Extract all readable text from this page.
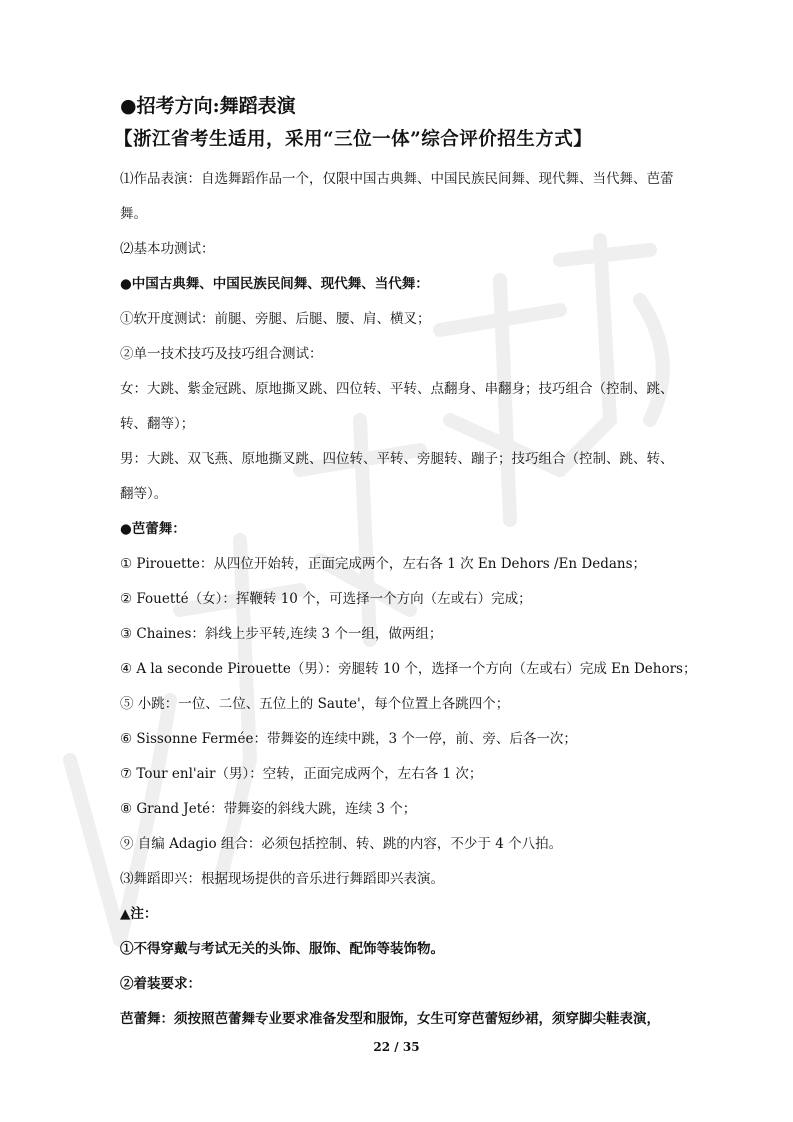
●招考方向:舞蹈表演

【浙江省考生适用，采用“三位一体”综合评价招生方式】

⑴作品表演：自选舞蹈作品一个，仅限中国古典舞、中国民族民间舞、现代舞、当代舞、芭蕾舞。

⑵基本功测试：

●中国古典舞、中国民族民间舞、现代舞、当代舞：

①软开度测试：前腿、旁腿、后腿、腰、肩、横叉；

②单一技术技巧及技巧组合测试：

女：大跳、紫金冠跳、原地撕叉跳、四位转、平转、点翻身、串翻身；技巧组合（控制、跳、转、翻等）；

男：大跳、双飞燕、原地撕叉跳、四位转、平转、旁腿转、蹦子；技巧组合（控制、跳、转、翻等）。

●芭蕾舞：

① Pirouette：从四位开始转，正面完成两个，左右各 1 次 En Dehors /En Dedans；

② Fouetté（女）：挥鞭转 10 个，可选择一个方向（左或右）完成；

③ Chaines：斜线上步平转,连续 3 个一组，做两组；

④ A la seconde Pirouette（男）：旁腿转 10 个，选择一个方向（左或右）完成 En Dehors；

⑤ 小跳：一位、二位、五位上的 Saute'，每个位置上各跳四个；

⑥ Sissonne Fermée：带舞姿的连续中跳，3 个一停，前、旁、后各一次；

⑦ Tour enl'air（男）：空转，正面完成两个，左右各 1 次；

⑧ Grand Jeté：带舞姿的斜线大跳，连续 3 个；

⑨ 自编 Adagio 组合：必须包括控制、转、跳的内容，不少于 4 个八拍。

⑶舞蹈即兴：根据现场提供的音乐进行舞蹈即兴表演。

▲注：

①不得穿戴与考试无关的头饰、服饰、配饰等装饰物。

②着装要求：

芭蕾舞：须按照芭蕾舞专业要求准备发型和服饰，女生可穿芭蕾短纱裙，须穿脚尖鞋表演，

22 / 35
